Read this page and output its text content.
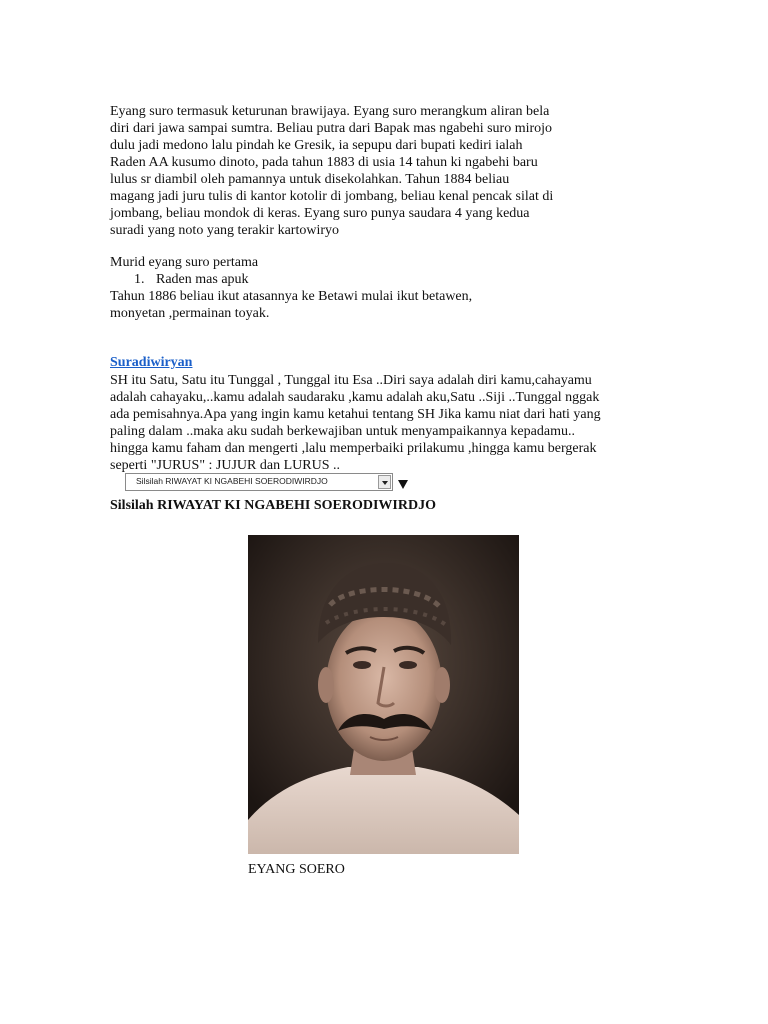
Eyang suro termasuk keturunan brawijaya. Eyang suro merangkum aliran bela
diri dari jawa sampai sumtra. Beliau putra dari Bapak mas ngabehi suro mirojo
dulu jadi medono lalu pindah ke Gresik, ia sepupu dari bupati kediri ialah
Raden AA kusumo dinoto, pada tahun 1883 di usia 14 tahun ki ngabehi baru
lulus sr diambil oleh pamannya untuk disekolahkan. Tahun 1884 beliau
magang jadi juru tulis di kantor kotolir di jombang, beliau kenal pencak silat di
jombang, beliau mondok di keras. Eyang suro punya saudara 4 yang kedua
suradi yang noto yang terakir kartowiryo
Murid eyang suro pertama
1. Raden mas apuk
Tahun 1886 beliau ikut atasannya ke Betawi mulai ikut betawen,
monyetan ,permainan toyak.
Suradiwiryan
SH itu Satu, Satu itu Tunggal , Tunggal itu Esa ..Diri saya adalah diri kamu,cahayamu
adalah cahayaku,..kamu adalah saudaraku ,kamu adalah aku,Satu ..Siji ..Tunggal nggak
ada pemisahnya.Apa yang ingin kamu ketahui tentang SH Jika kamu niat dari hati yang
paling dalam ..maka aku sudah berkewajiban untuk menyampaikannya kepadamu..
hingga kamu faham dan mengerti ,lalu memperbaiki prilakumu ,hingga kamu bergerak
seperti "JURUS" : JUJUR dan LURUS ..
Silsilah RIWAYAT KI NGABEHI SOERODIWIRDJO
Silsilah RIWAYAT KI NGABEHI SOERODIWIRDJO
EYANG SOERO
